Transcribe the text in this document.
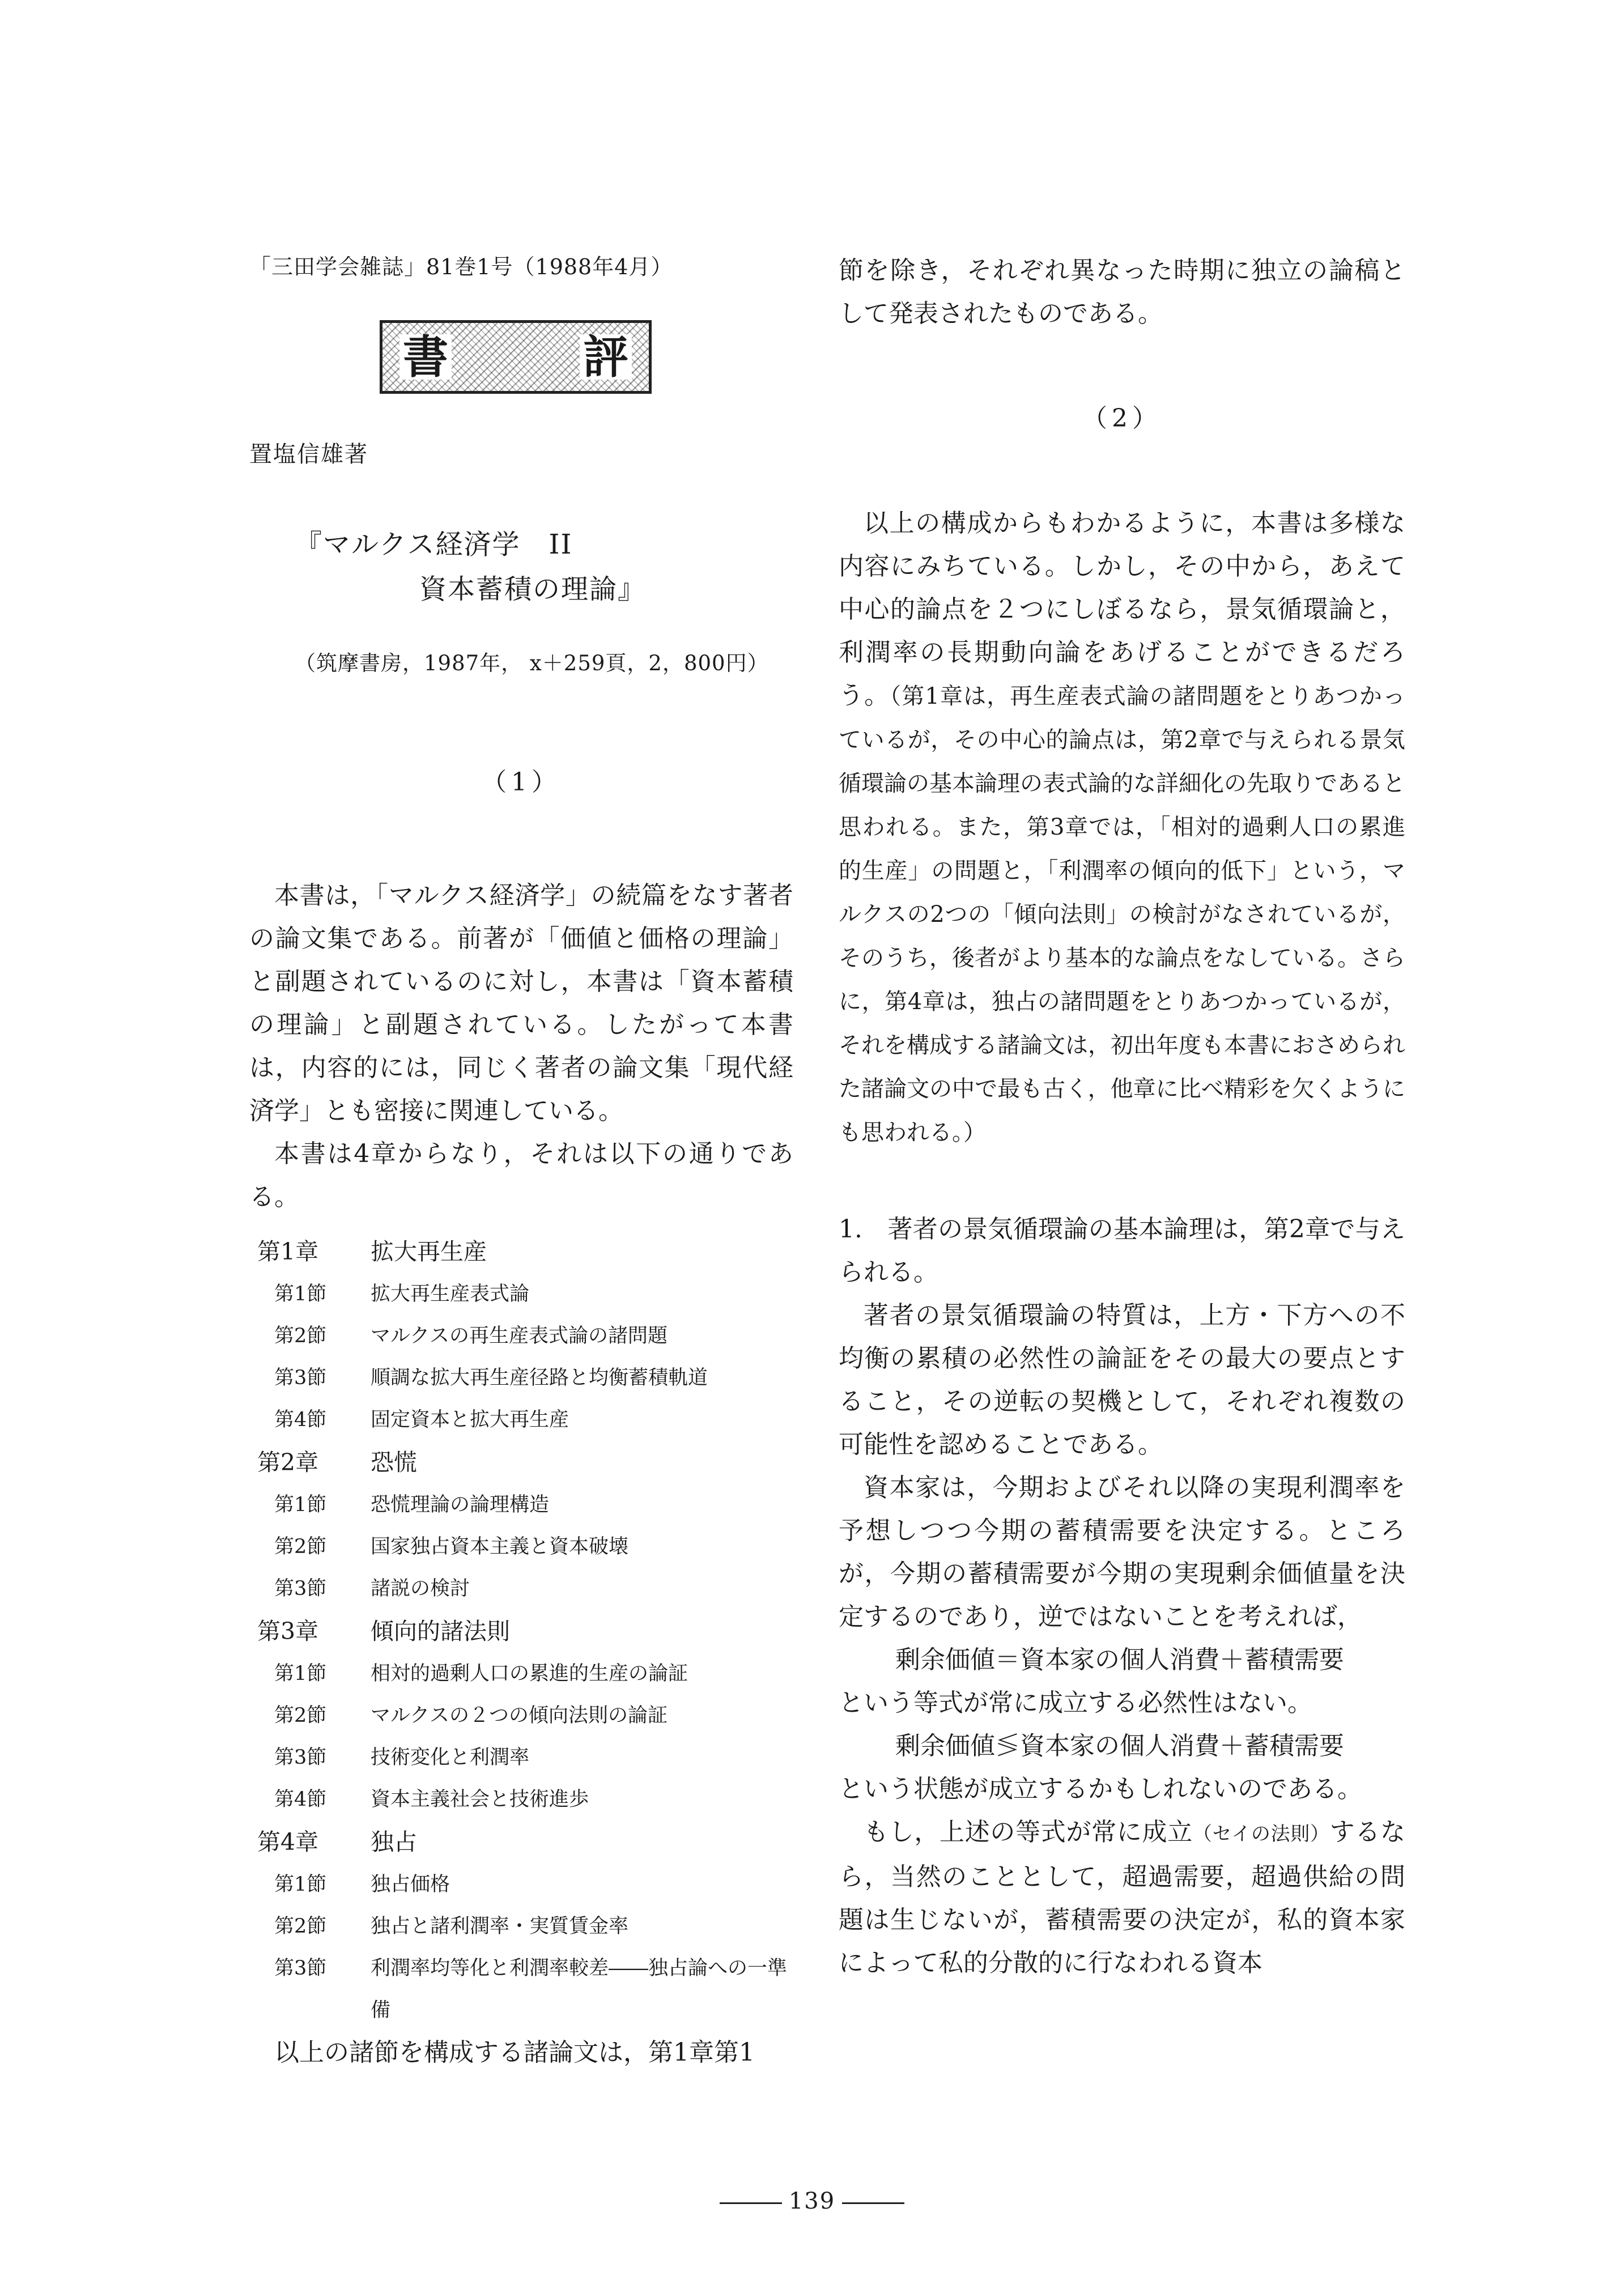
「三田学会雑誌」81巻1号（1988年4月）
書	評
置塩信雄著
『マルクス経済学　II
資本蓄積の理論』
（筑摩書房，1987年， x＋259頁，2，800円）
（1）

本書は，「マルクス経済学」の続篇をなす著者の論文集である。前著が「価値と価格の理論」と副題されているのに対し，本書は「資本蓄積の理論」と副題されている。したがって本書は，内容的には，同じく著者の論文集「現代経済学」とも密接に関連している。

本書は4章からなり，それは以下の通りである。

第1章 拡大再生産
第1節	拡大再生産表式論
第2節	マルクスの再生産表式論の諸問題
第3節	順調な拡大再生産径路と均衡蓄積軌道
第4節	固定資本と拡大再生産
第2章 恐慌
第1節	恐慌理論の論理構造
第2節	国家独占資本主義と資本破壊
第3節	諸説の検討
第3章 傾向的諸法則
第1節	相対的過剰人口の累進的生産の論証
第2節	マルクスの２つの傾向法則の論証
第3節	技術変化と利潤率
第4節	資本主義社会と技術進歩
第4章 独占
第1節	独占価格
第2節	独占と諸利潤率・実質賃金率
第3節	利潤率均等化と利潤率較差――独占論への一準備

以上の諸節を構成する諸論文は，第1章第1

節を除き，それぞれ異なった時期に独立の論稿として発表されたものである。

（2）

以上の構成からもわかるように，本書は多様な内容にみちている。しかし，その中から，あえて中心的論点を２つにしぼるなら，景気循環論と，利潤率の長期動向論をあげることができるだろう。（第1章は，再生産表式論の諸問題をとりあつかっているが，その中心的論点は，第2章で与えられる景気循環論の基本論理の表式論的な詳細化の先取りであると思われる。また，第3章では，「相対的過剰人口の累進的生産」の問題と，「利潤率の傾向的低下」という，マルクスの2つの「傾向法則」の検討がなされているが，そのうち，後者がより基本的な論点をなしている。さらに，第4章は，独占の諸問題をとりあつかっているが，それを構成する諸論文は，初出年度も本書におさめられた諸論文の中で最も古く，他章に比べ精彩を欠くようにも思われる。）

1.　著者の景気循環論の基本論理は，第2章で与えられる。

著者の景気循環論の特質は，上方・下方への不均衡の累積の必然性の論証をその最大の要点とすること，その逆転の契機として，それぞれ複数の可能性を認めることである。

資本家は，今期およびそれ以降の実現利潤率を予想しつつ今期の蓄積需要を決定する。ところが，今期の蓄積需要が今期の実現剰余価値量を決定するのであり，逆ではないことを考えれば，

剰余価値＝資本家の個人消費＋蓄積需要

という等式が常に成立する必然性はない。

剰余価値≶資本家の個人消費＋蓄積需要

という状態が成立するかもしれないのである。

もし，上述の等式が常に成立（セイの法則）するなら，当然のこととして，超過需要，超過供給の問題は生じないが，蓄積需要の決定が，私的資本家によって私的分散的に行なわれる資本

139
